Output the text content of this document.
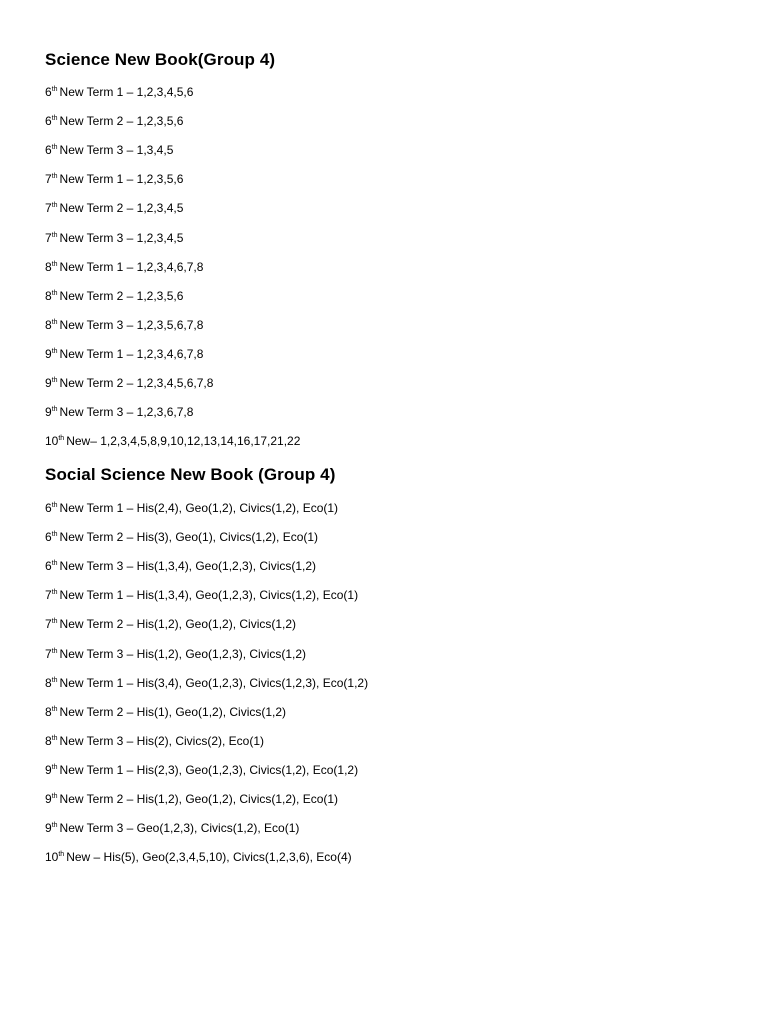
Science New Book(Group 4)
6th New Term 1 – 1,2,3,4,5,6
6th New Term 2 – 1,2,3,5,6
6th New Term 3 – 1,3,4,5
7th New Term 1 – 1,2,3,5,6
7th New Term 2 – 1,2,3,4,5
7th New Term 3 – 1,2,3,4,5
8th New Term 1 – 1,2,3,4,6,7,8
8th New Term 2 – 1,2,3,5,6
8th New Term 3 – 1,2,3,5,6,7,8
9th New Term 1 – 1,2,3,4,6,7,8
9th New Term 2 – 1,2,3,4,5,6,7,8
9th New Term 3 – 1,2,3,6,7,8
10th New– 1,2,3,4,5,8,9,10,12,13,14,16,17,21,22
Social Science New Book (Group 4)
6th New Term 1 – His(2,4), Geo(1,2), Civics(1,2), Eco(1)
6th New Term 2 – His(3), Geo(1), Civics(1,2), Eco(1)
6th New Term 3 – His(1,3,4), Geo(1,2,3), Civics(1,2)
7th New Term 1 – His(1,3,4), Geo(1,2,3), Civics(1,2), Eco(1)
7th New Term 2 – His(1,2), Geo(1,2), Civics(1,2)
7th New Term 3 – His(1,2), Geo(1,2,3), Civics(1,2)
8th New Term 1 – His(3,4), Geo(1,2,3), Civics(1,2,3), Eco(1,2)
8th New Term 2 – His(1), Geo(1,2), Civics(1,2)
8th New Term 3 – His(2), Civics(2), Eco(1)
9th New Term 1 – His(2,3), Geo(1,2,3), Civics(1,2), Eco(1,2)
9th New Term 2 – His(1,2), Geo(1,2), Civics(1,2), Eco(1)
9th New Term 3 – Geo(1,2,3), Civics(1,2), Eco(1)
10th New – His(5), Geo(2,3,4,5,10), Civics(1,2,3,6), Eco(4)
